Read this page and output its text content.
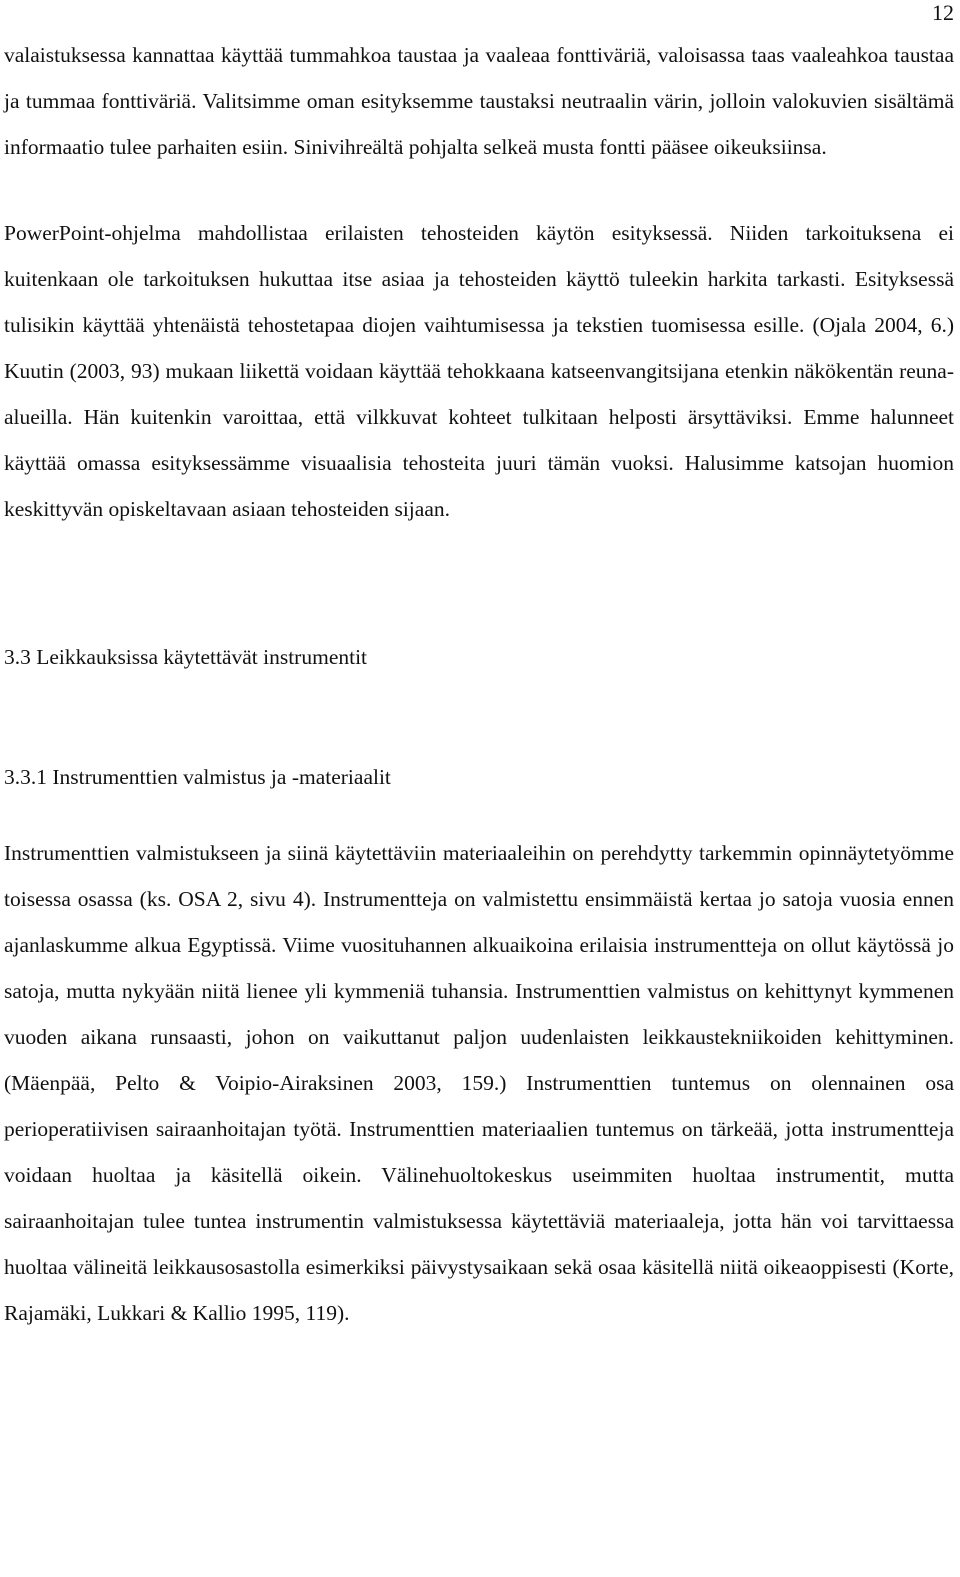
12

valaistuksessa kannattaa käyttää tummahkoa taustaa ja vaaleaa fonttiväriä, valoisassa taas vaaleahkoa taustaa ja tummaa fonttiväriä. Valitsimme oman esityksemme taustaksi neutraalin värin, jolloin valokuvien sisältämä informaatio tulee parhaiten esiin. Sinivihreältä pohjalta selkeä musta fontti pääsee oikeuksiinsa.

PowerPoint-ohjelma mahdollistaa erilaisten tehosteiden käytön esityksessä. Niiden tarkoituksena ei kuitenkaan ole tarkoituksen hukuttaa itse asiaa ja tehosteiden käyttö tuleekin harkita tarkasti. Esityksessä tulisikin käyttää yhtenäistä tehostetapaa diojen vaihtumisessa ja tekstien tuomisessa esille. (Ojala 2004, 6.) Kuutin (2003, 93) mukaan liikettä voidaan käyttää tehokkaana katseenvangitsijana etenkin näkökentän reuna-alueilla. Hän kuitenkin varoittaa, että vilkkuvat kohteet tulkitaan helposti ärsyttäviksi. Emme halunneet käyttää omassa esityksessämme visuaalisia tehosteita juuri tämän vuoksi. Halusimme katsojan huomion keskittyvän opiskeltavaan asiaan tehosteiden sijaan.

3.3 Leikkauksissa käytettävät instrumentit
3.3.1 Instrumenttien valmistus ja -materiaalit

Instrumenttien valmistukseen ja siinä käytettäviin materiaaleihin on perehdytty tarkemmin opinnäytetyömme toisessa osassa (ks. OSA 2, sivu 4). Instrumentteja on valmistettu ensimmäistä kertaa jo satoja vuosia ennen ajanlaskumme alkua Egyptissä. Viime vuosituhannen alkuaikoina erilaisia instrumentteja on ollut käytössä jo satoja, mutta nykyään niitä lienee yli kymmeniä tuhansia. Instrumenttien valmistus on kehittynyt kymmenen vuoden aikana runsaasti, johon on vaikuttanut paljon uudenlaisten leikkaustekniikoiden kehittyminen. (Mäenpää, Pelto & Voipio-Airaksinen 2003, 159.) Instrumenttien tuntemus on olennainen osa perioperatiivisen sairaanhoitajan työtä. Instrumenttien materiaalien tuntemus on tärkeää, jotta instrumentteja voidaan huoltaa ja käsitellä oikein. Välinehuoltokeskus useimmiten huoltaa instrumentit, mutta sairaanhoitajan tulee tuntea instrumentin valmistuksessa käytettäviä materiaaleja, jotta hän voi tarvittaessa huoltaa välineitä leikkausosastolla esimerkiksi päivystysaikaan sekä osaa käsitellä niitä oikeaoppisesti (Korte, Rajamäki, Lukkari & Kallio 1995, 119).
